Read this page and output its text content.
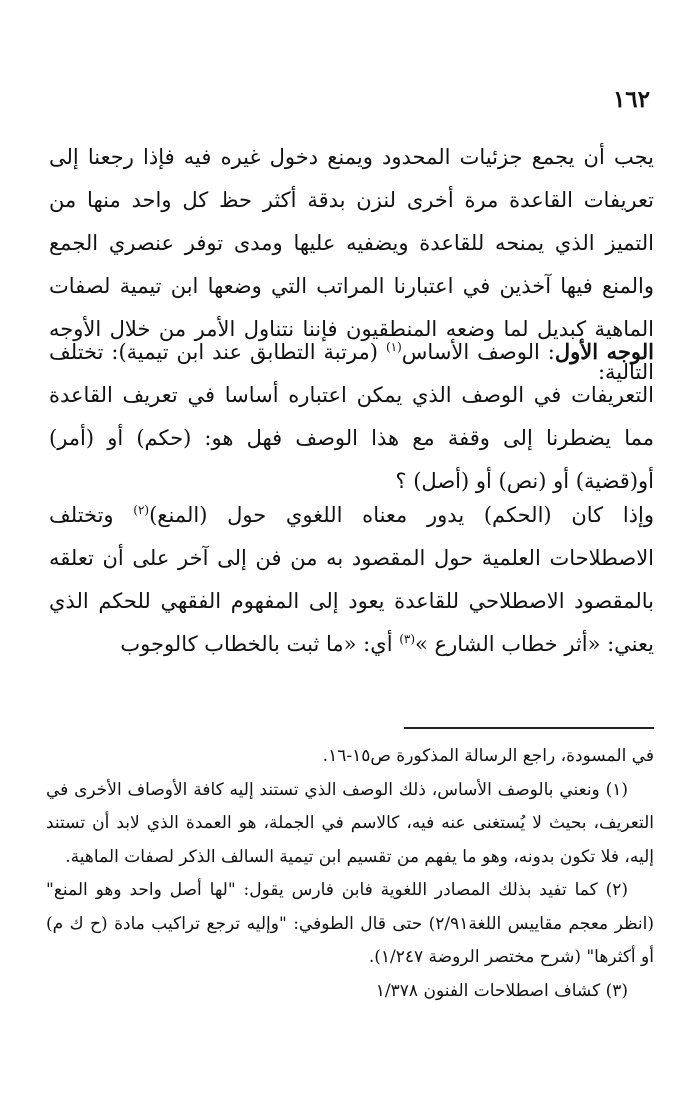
١٦٢

يجب أن يجمع جزئيات المحدود ويمنع دخول غيره فيه فإذا رجعنا إلى تعريفات القاعدة مرة أخرى لنزن بدقة أكثر حظ كل واحد منها من التميز الذي يمنحه للقاعدة ويضفيه عليها ومدى توفر عنصري الجمع والمنع فيها آخذين في اعتبارنا المراتب التي وضعها ابن تيمية لصفات الماهية كبديل لما وضعه المنطقيون فإننا نتناول الأمر من خلال الأوجه التالية:

الوجه الأول: الوصف الأساس$^{(١)}$ (مرتبة التطابق عند ابن تيمية): تختلف التعريفات في الوصف الذي يمكن اعتباره أساسا في تعريف القاعدة مما يضطرنا إلى وقفة مع هذا الوصف فهل هو: (حكم) أو (أمر) أو(قضية) أو (نص) أو (أصل) ؟

وإذا كان (الحكم) يدور معناه اللغوي حول (المنع)$^{(٢)}$ وتختلف الاصطلاحات العلمية حول المقصود به من فن إلى آخر على أن تعلقه بالمقصود الاصطلاحي للقاعدة يعود إلى المفهوم الفقهي للحكم الذي يعني: «أثر خطاب الشارع »$^{(٣)}$ أي: «ما ثبت بالخطاب كالوجوب

في المسودة، راجع الرسالة المذكورة ص١٥-١٦.

(١) ونعني بالوصف الأساس، ذلك الوصف الذي تستند إليه كافة الأوصاف الأخرى في التعريف، بحيث لا يُستغنى عنه فيه، كالاسم في الجملة، هو العمدة الذي لابد أن تستند إليه، فلا تكون بدونه، وهو ما يفهم من تقسيم ابن تيمية السالف الذكر لصفات الماهية.

(٢) كما تفيد بذلك المصادر اللغوية فابن فارس يقول: "لها أصل واحد وهو المنع" (انظر معجم مقاييس اللغة٢/٩١) حتى قال الطوفي: "وإليه ترجع تراكيب مادة (ح ك م) أو أكثرها" (شرح مختصر الروضة ١/٢٤٧).

(٣) كشاف اصطلاحات الفنون ١/٣٧٨
